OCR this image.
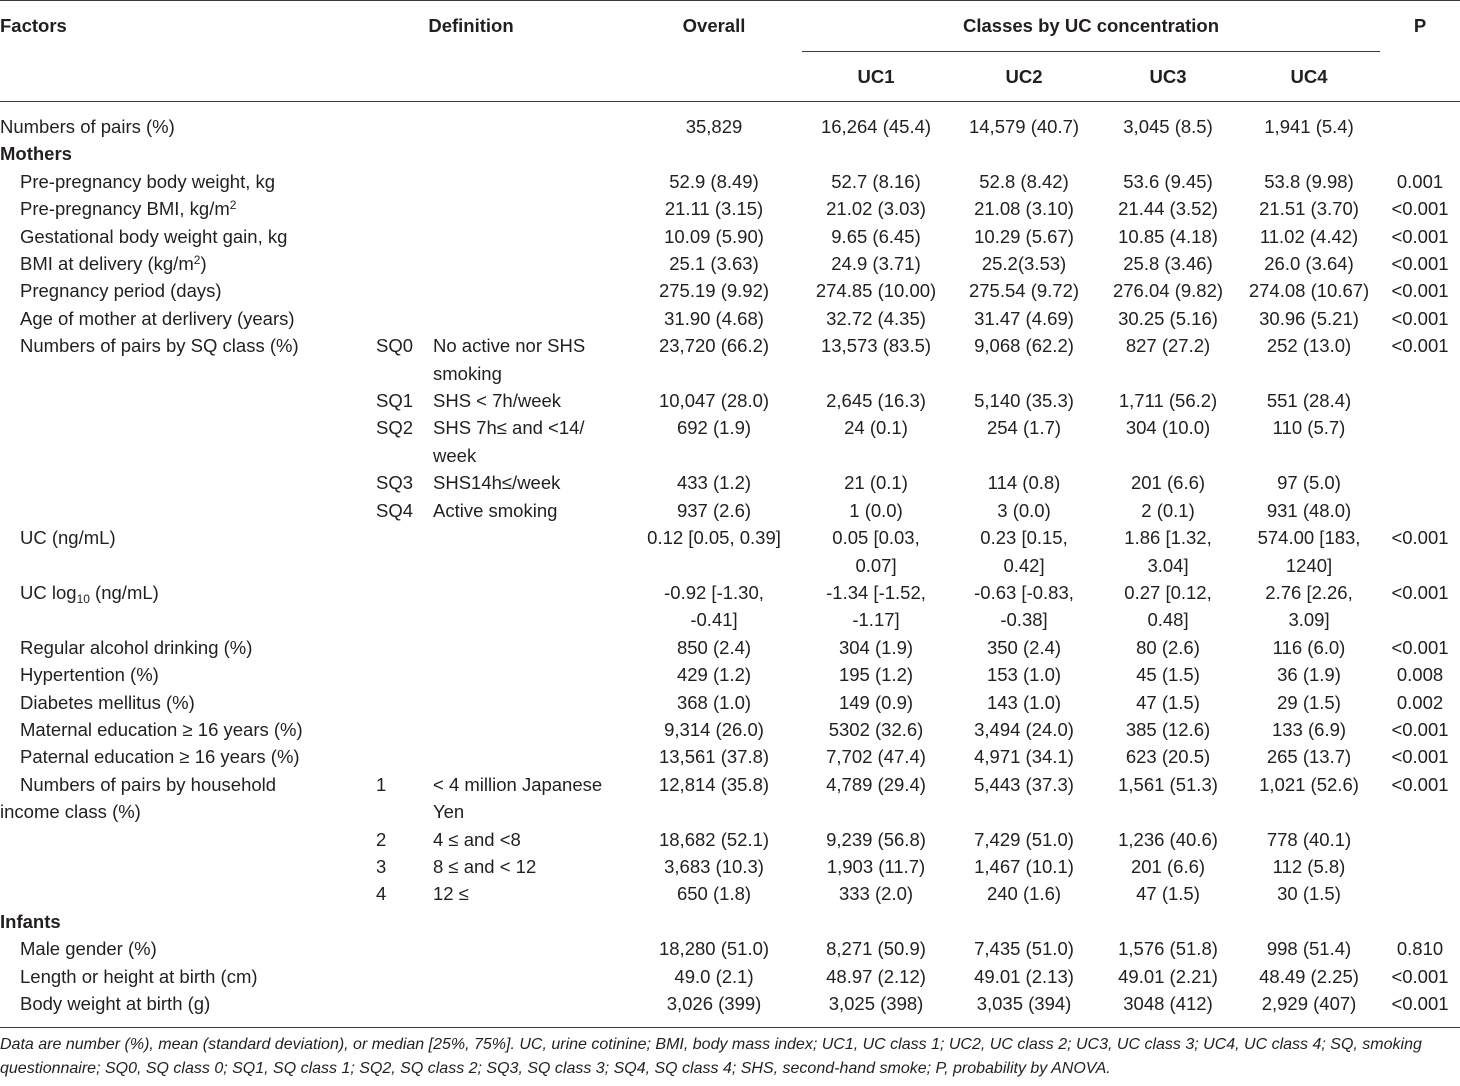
Factors	Definition		Overall	Classes by UC concentration				P
				UC1	UC2	UC3	UC4	
Numbers of pairs (%)			35,829	16,264 (45.4)	14,579 (40.7)	3,045 (8.5)	1,941 (5.4)	
Mothers								
Pre-pregnancy body weight, kg			52.9 (8.49)	52.7 (8.16)	52.8 (8.42)	53.6 (9.45)	53.8 (9.98)	0.001
Pre-pregnancy BMI, $kg/m^2$			21.11 (3.15)	21.02 (3.03)	21.08 (3.10)	21.44 (3.52)	21.51 (3.70)	<0.001
Gestational body weight gain, kg			10.09 (5.90)	9.65 (6.45)	10.29 (5.67)	10.85 (4.18)	11.02 (4.42)	<0.001
BMI at delivery $(kg/m^2)$			25.1 (3.63)	24.9 (3.71)	25.2(3.53)	25.8 (3.46)	26.0 (3.64)	<0.001
Pregnancy period (days)			275.19 (9.92)	274.85 (10.00)	275.54 (9.72)	276.04 (9.82)	274.08 (10.67)	<0.001
Age of mother at derlivery (years)			31.90 (4.68)	32.72 (4.35)	31.47 (4.69)	30.25 (5.16)	30.96 (5.21)	<0.001
Numbers of pairs by SQ class (%)	SQ0	No active nor SHS smoking	23,720 (66.2)	13,573 (83.5)	9,068 (62.2)	827 (27.2)	252 (13.0)	<0.001
	SQ1	SHS < 7h/week	10,047 (28.0)	2,645 (16.3)	5,140 (35.3)	1,711 (56.2)	551 (28.4)	
	SQ2	SHS 7h≤ and <14/ week	692 (1.9)	24 (0.1)	254 (1.7)	304 (10.0)	110 (5.7)	
	SQ3	SHS14h≤/week	433 (1.2)	21 (0.1)	114 (0.8)	201 (6.6)	97 (5.0)	
	SQ4	Active smoking	937 (2.6)	1 (0.0)	3 (0.0)	2 (0.1)	931 (48.0)	
UC (ng/mL)			0.12 [0.05, 0.39]	0.05 [0.03, 0.07]	0.23 [0.15, 0.42]	1.86 [1.32, 3.04]	574.00 [183, 1240]	<0.001
UC $\log_{10} (ng/mL)$			-0.92 [-1.30, -0.41]	-1.34 [-1.52, -1.17]	-0.63 [-0.83, -0.38]	0.27 [0.12, 0.48]	2.76 [2.26, 3.09]	<0.001
Regular alcohol drinking (%)			850 (2.4)	304 (1.9)	350 (2.4)	80 (2.6)	116 (6.0)	<0.001
Hypertention (%)			429 (1.2)	195 (1.2)	153 (1.0)	45 (1.5)	36 (1.9)	0.008
Diabetes mellitus (%)			368 (1.0)	149 (0.9)	143 (1.0)	47 (1.5)	29 (1.5)	0.002
Maternal education ≥ 16 years (%)			9,314 (26.0)	5302 (32.6)	3,494 (24.0)	385 (12.6)	133 (6.9)	<0.001
Paternal education ≥ 16 years (%)			13,561 (37.8)	7,702 (47.4)	4,971 (34.1)	623 (20.5)	265 (13.7)	<0.001

Numbers of pairs by household
income class (%)	1	< 4 million Japanese Yen	12,814 (35.8)	4,789 (29.4)	5,443 (37.3)	1,561 (51.3)	1,021 (52.6)	<0.001
	2	4 ≤ and <8	18,682 (52.1)	9,239 (56.8)	7,429 (51.0)	1,236 (40.6)	778 (40.1)	
	3	8 ≤ and < 12	3,683 (10.3)	1,903 (11.7)	1,467 (10.1)	201 (6.6)	112 (5.8)	
	4	12 ≤	650 (1.8)	333 (2.0)	240 (1.6)	47 (1.5)	30 (1.5)	
Infants								
Male gender (%)			18,280 (51.0)	8,271 (50.9)	7,435 (51.0)	1,576 (51.8)	998 (51.4)	0.810
Length or height at birth (cm)			49.0 (2.1)	48.97 (2.12)	49.01 (2.13)	49.01 (2.21)	48.49 (2.25)	<0.001
Body weight at birth (g)			3,026 (399)	3,025 (398)	3,035 (394)	3048 (412)	2,929 (407)	<0.001
Data are number (%), mean (standard deviation), or median [25%, 75%]. UC, urine cotinine; BMI, body mass index; UC1, UC class 1; UC2, UC class 2; UC3, UC class 3; UC4, UC class 4; SQ, smoking questionnaire; SQ0, SQ class 0; SQ1, SQ class 1; SQ2, SQ class 2; SQ3, SQ class 3; SQ4, SQ class 4; SHS, second-hand smoke; P, probability by ANOVA.
